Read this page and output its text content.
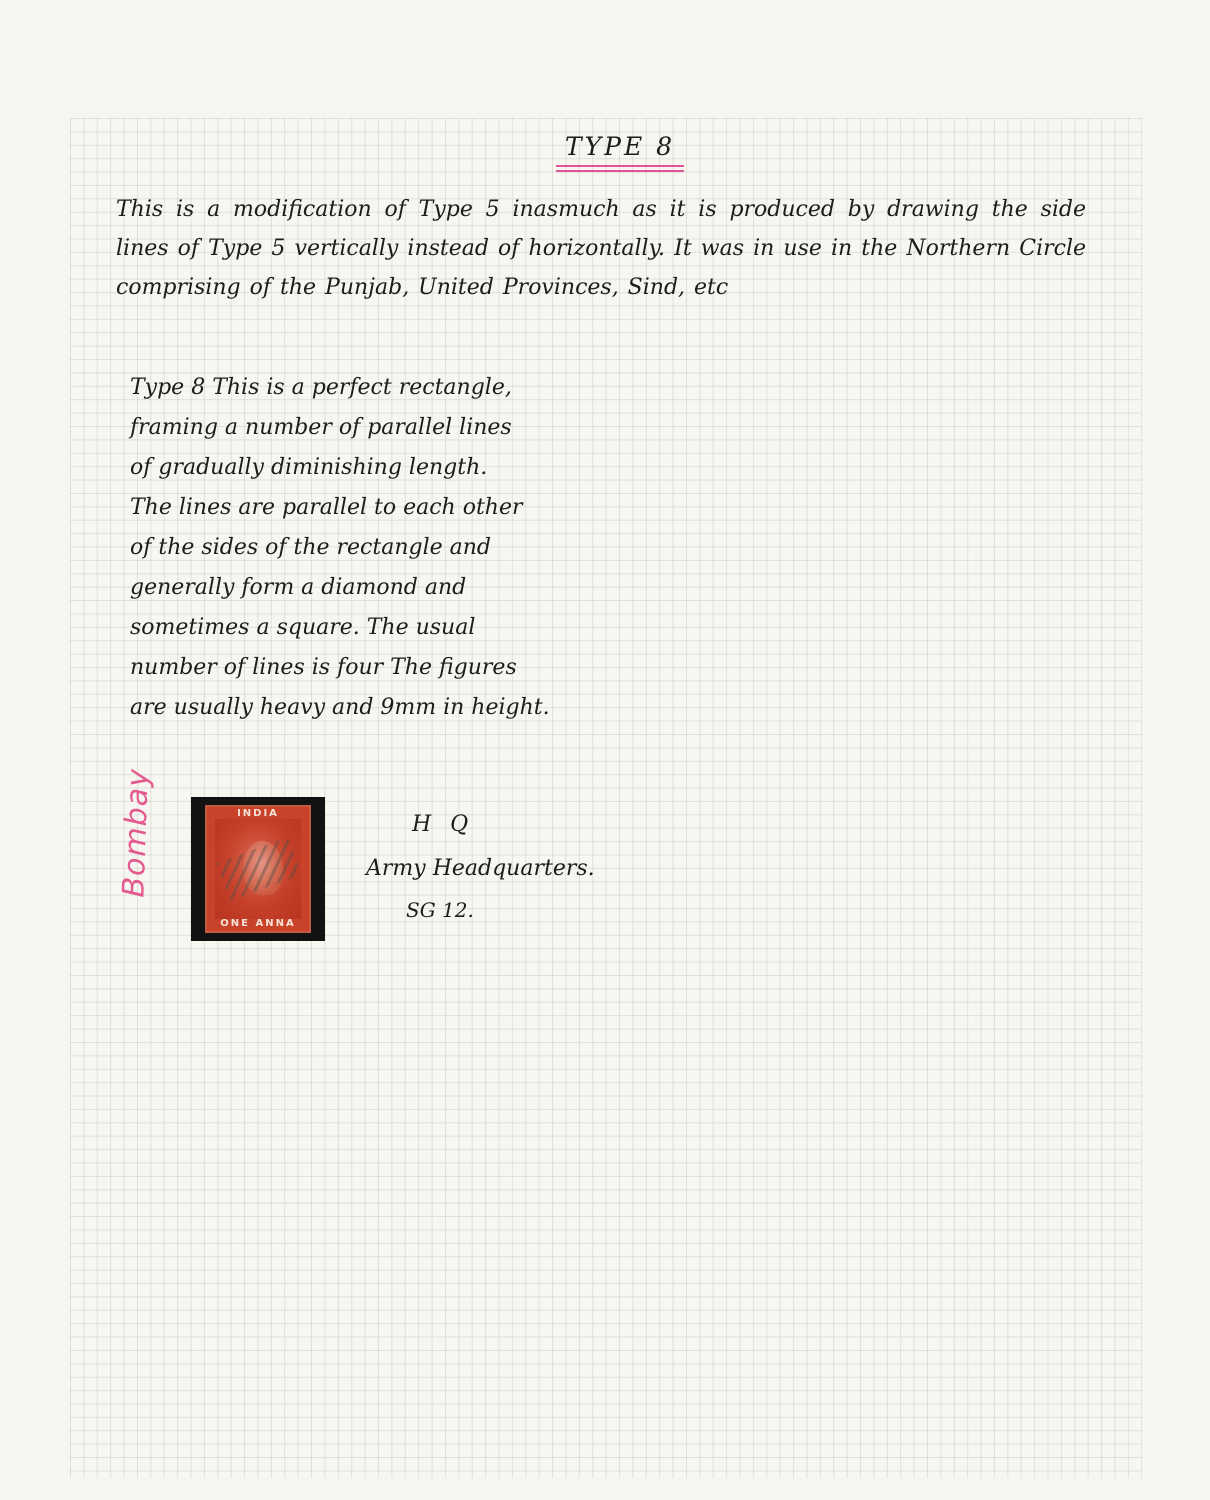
TYPE 8
This is a modification of Type 5 inasmuch as it is produced by drawing the side lines of Type 5 vertically instead of horizontally. It was in use in the Northern Circle comprising of the Punjab, United Provinces, Sind, etc
Type 8 This is a perfect rectangle,
framing a number of parallel lines
of gradually diminishing length.
The lines are parallel to each other
of the sides of the rectangle and
generally form a diamond and
sometimes a square. The usual
number of lines is four The figures
are usually heavy and 9mm in height.
Bombay	INDIA
ONE ANNA
H Q
Army Headquarters.
SG 12.
